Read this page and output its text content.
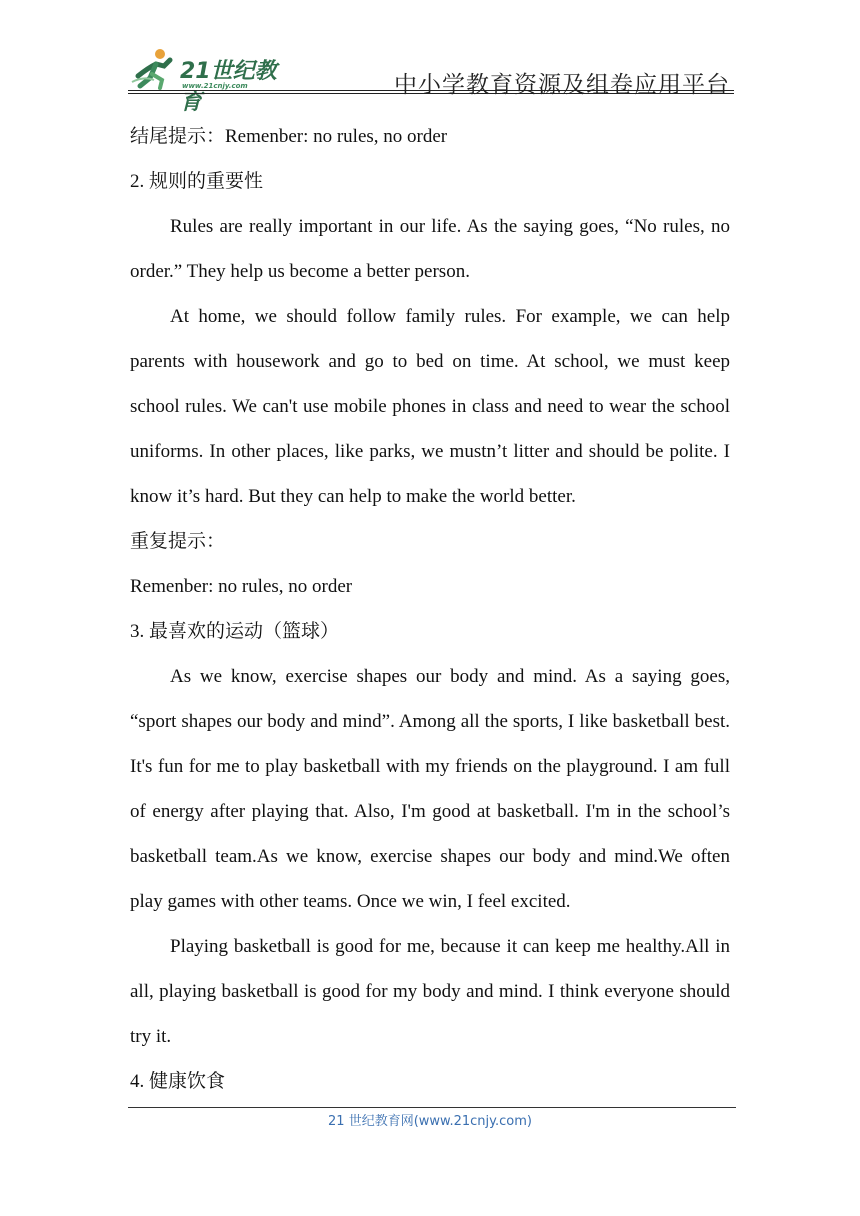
21世纪教育
www.21cnjy.com	中小学教育资源及组卷应用平台

结尾提示：Remenber: no rules, no order

2. 规则的重要性

Rules are really important in our life. As the saying goes, “No rules, no order.” They help us become a better person.

At home, we should follow family rules. For example, we can help parents with housework and go to bed on time. At school, we must keep school rules. We can't use mobile phones in class and need to wear the school uniforms. In other places, like parks, we mustn’t litter and should be polite. I know it’s hard. But they can help to make the world better.

重复提示：

Remenber: no rules, no order

3. 最喜欢的运动（篮球）

As we know, exercise shapes our body and mind. As a saying goes, “sport shapes our body and mind”. Among all the sports, I like basketball best. It's fun for me to play basketball with my friends on the playground. I am full of energy after playing that. Also, I'm good at basketball. I'm in the school’s basketball team.As we know, exercise shapes our body and mind.We often play games with other teams. Once we win, I feel excited.

Playing basketball is good for me, because it can keep me healthy.All in all, playing basketball is good for my body and mind. I think everyone should try it.

4. 健康饮食

21 世纪教育网(www.21cnjy.com)
